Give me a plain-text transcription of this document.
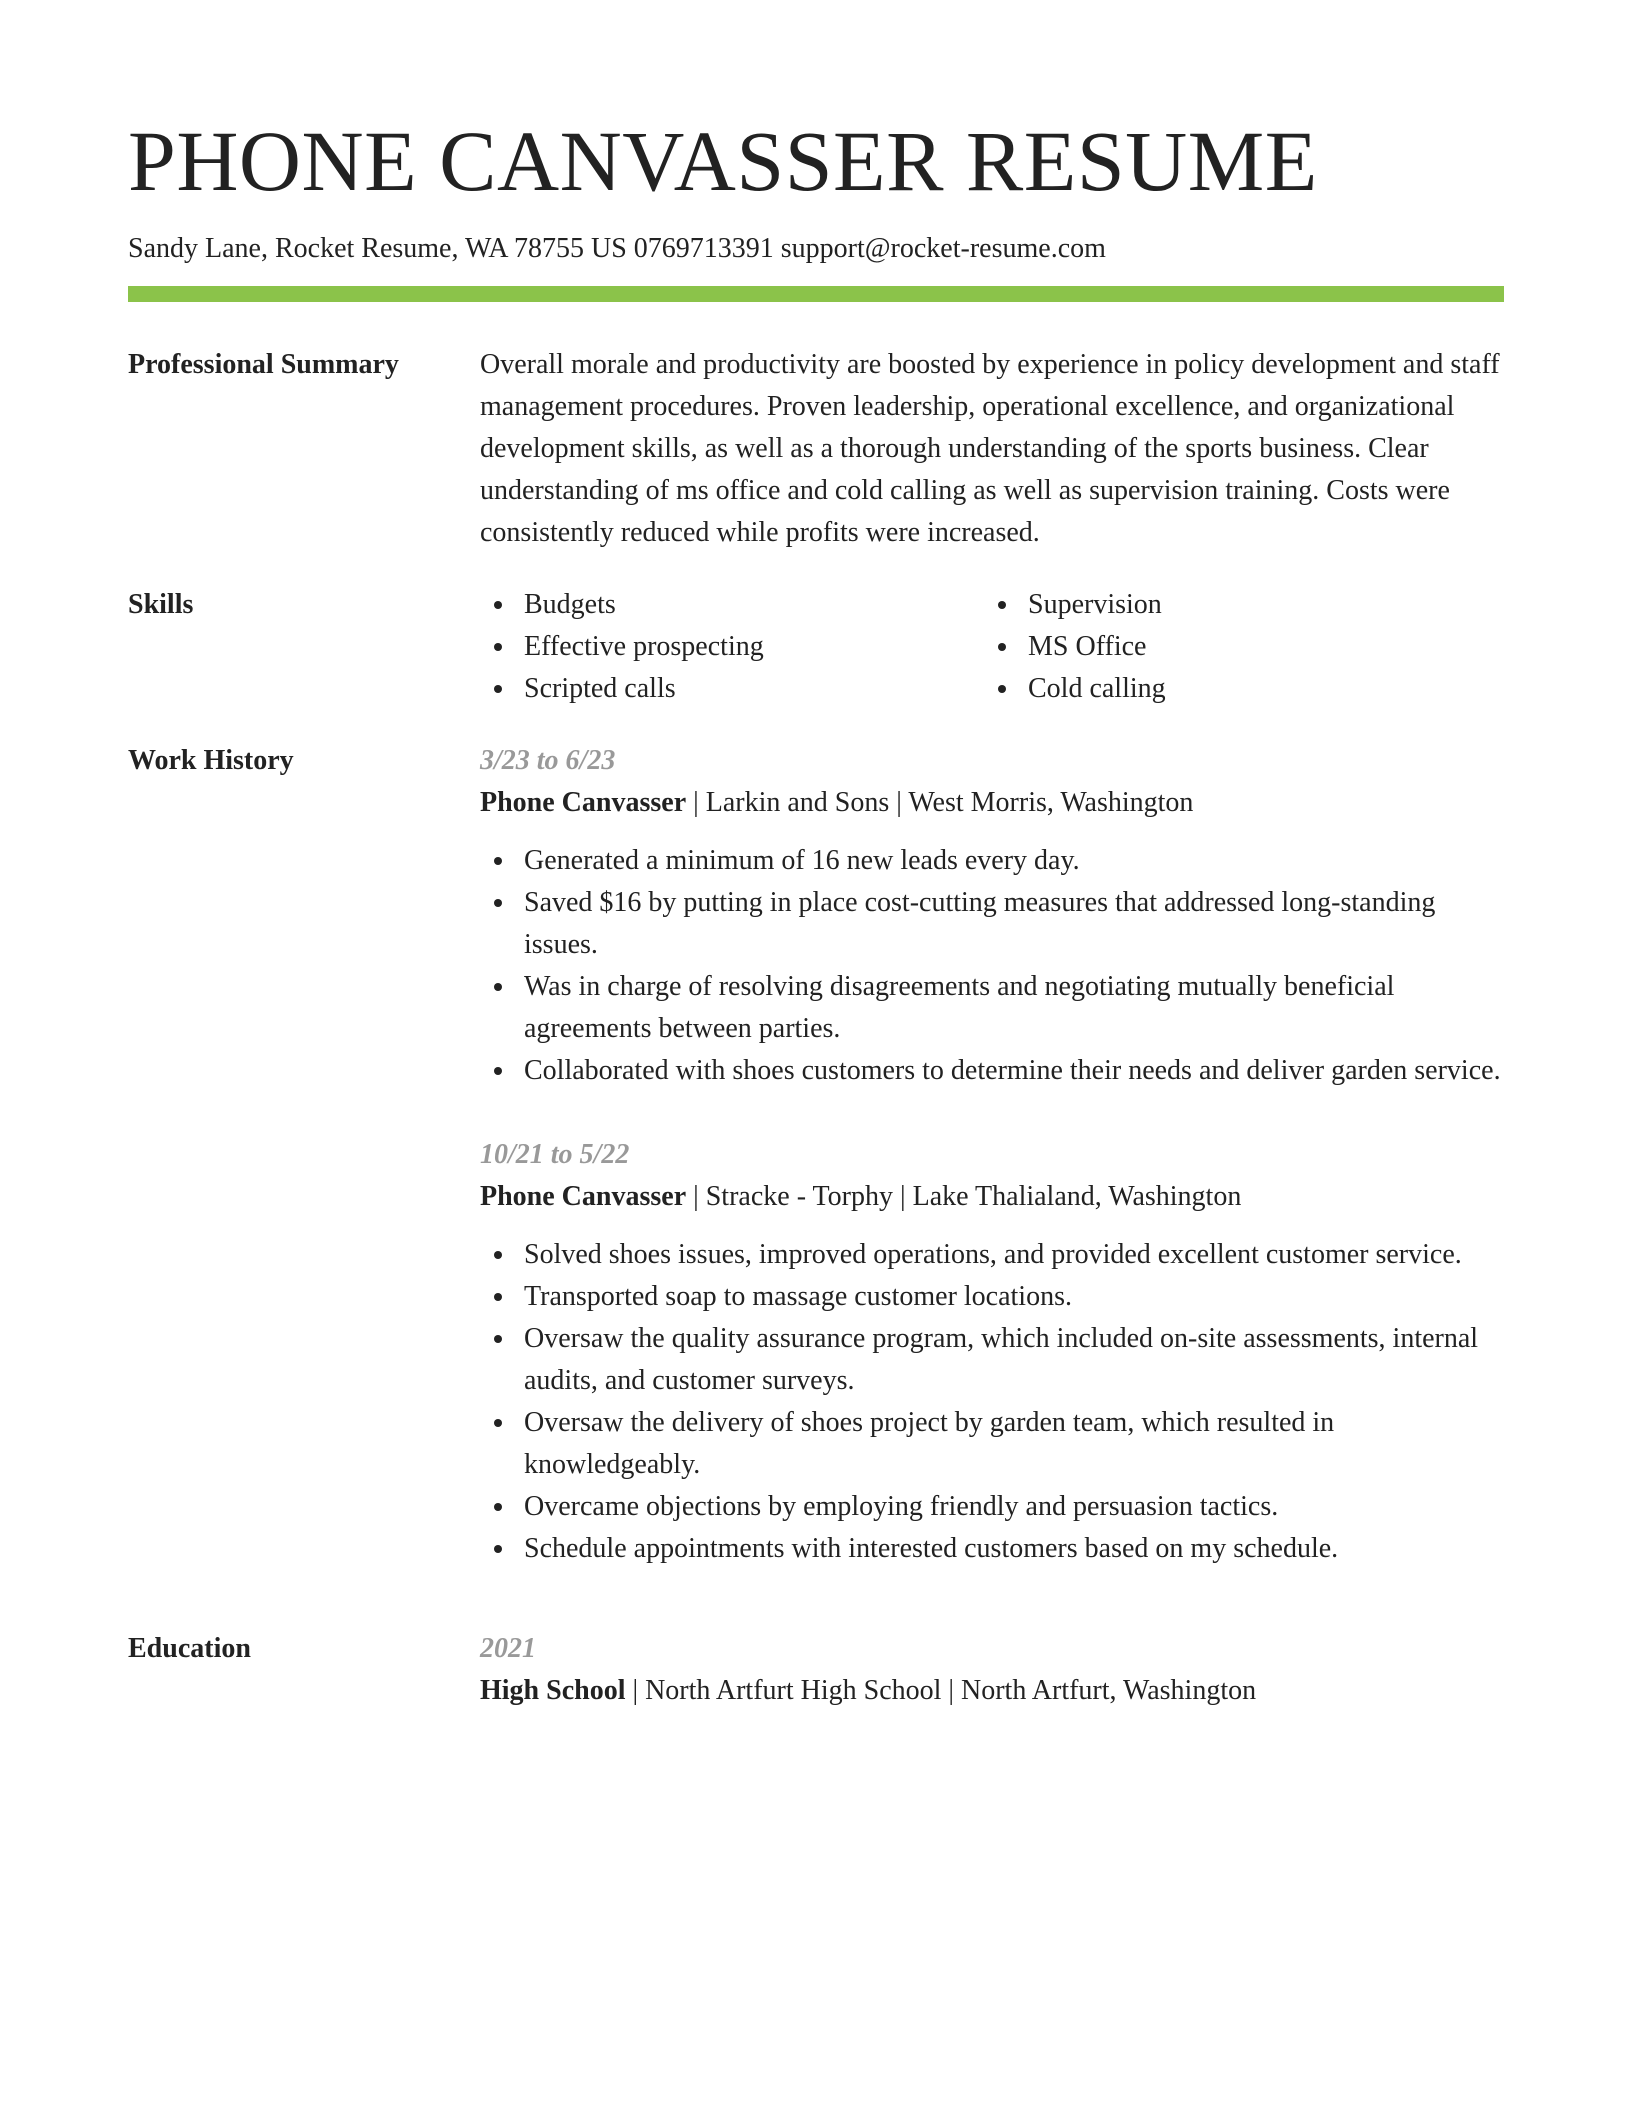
PHONE CANVASSER RESUME
Sandy Lane, Rocket Resume, WA 78755 US 0769713391 support@rocket-resume.com
Professional Summary	Overall morale and productivity are boosted by experience in policy development and staff management procedures. Proven leadership, operational excellence, and organizational development skills, as well as a thorough understanding of the sports business. Clear understanding of ms office and cold calling as well as supervision training. Costs were consistently reduced while profits were increased.

Skills	Budgets
Effective prospecting
Scripted calls
Supervision
MS Office
Cold calling
Work History	3/23 to 6/23
Phone Canvasser | Larkin and Sons | West Morris, Washington
Generated a minimum of 16 new leads every day.
Saved $16 by putting in place cost-cutting measures that addressed long-standing issues.
Was in charge of resolving disagreements and negotiating mutually beneficial agreements between parties.
Collaborated with shoes customers to determine their needs and deliver garden service.
10/21 to 5/22
Phone Canvasser | Stracke - Torphy | Lake Thalialand, Washington
Solved shoes issues, improved operations, and provided excellent customer service.
Transported soap to massage customer locations.
Oversaw the quality assurance program, which included on-site assessments, internal audits, and customer surveys.
Oversaw the delivery of shoes project by garden team, which resulted in knowledgeably.
Overcame objections by employing friendly and persuasion tactics.
Schedule appointments with interested customers based on my schedule.
Education	2021
High School | North Artfurt High School | North Artfurt, Washington
